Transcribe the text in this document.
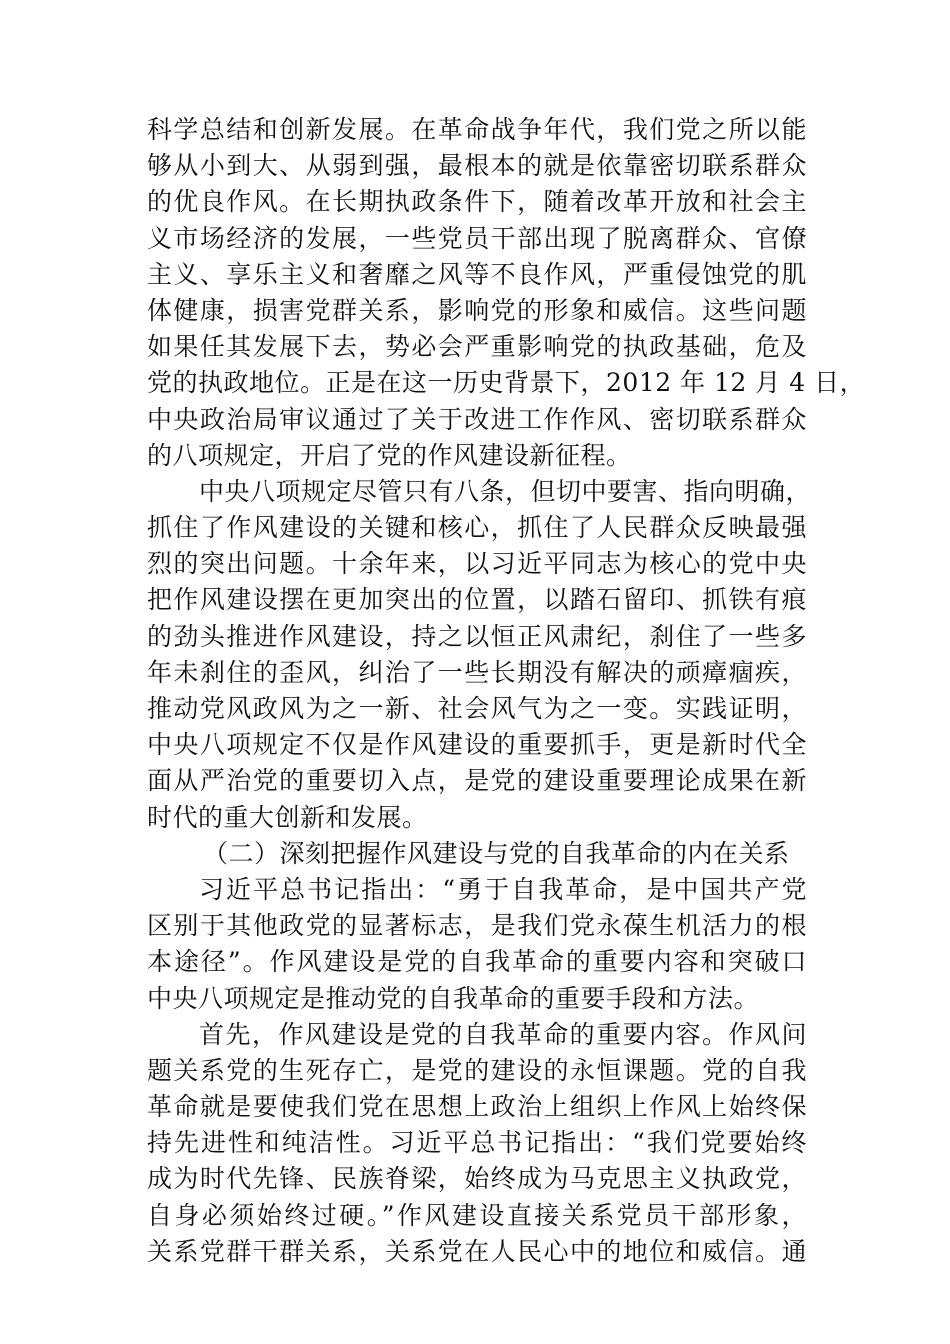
科学总结和创新发展。在革命战争年代，我们党之所以能
够从小到大、从弱到强，最根本的就是依靠密切联系群众
的优良作风。在长期执政条件下，随着改革开放和社会主
义市场经济的发展，一些党员干部出现了脱离群众、官僚
主义、享乐主义和奢靡之风等不良作风，严重侵蚀党的肌
体健康，损害党群关系，影响党的形象和威信。这些问题
如果任其发展下去，势必会严重影响党的执政基础，危及
党的执政地位。正是在这一历史背景下，2012 年 12 月 4 日，
中央政治局审议通过了关于改进工作作风、密切联系群众
的八项规定，开启了党的作风建设新征程。
中央八项规定尽管只有八条，但切中要害、指向明确，
抓住了作风建设的关键和核心，抓住了人民群众反映最强
烈的突出问题。十余年来，以习近平同志为核心的党中央
把作风建设摆在更加突出的位置，以踏石留印、抓铁有痕
的劲头推进作风建设，持之以恒正风肃纪，刹住了一些多
年未刹住的歪风，纠治了一些长期没有解决的顽瘴痼疾，
推动党风政风为之一新、社会风气为之一变。实践证明，
中央八项规定不仅是作风建设的重要抓手，更是新时代全
面从严治党的重要切入点，是党的建设重要理论成果在新
时代的重大创新和发展。
（二）深刻把握作风建设与党的自我革命的内在关系
习近平总书记指出：“勇于自我革命，是中国共产党
区别于其他政党的显著标志，是我们党永葆生机活力的根
本途径”。作风建设是党的自我革命的重要内容和突破口
中央八项规定是推动党的自我革命的重要手段和方法。
首先，作风建设是党的自我革命的重要内容。作风问
题关系党的生死存亡，是党的建设的永恒课题。党的自我
革命就是要使我们党在思想上政治上组织上作风上始终保
持先进性和纯洁性。习近平总书记指出：“我们党要始终
成为时代先锋、民族脊梁，始终成为马克思主义执政党，
自身必须始终过硬。”作风建设直接关系党员干部形象，
关系党群干群关系，关系党在人民心中的地位和威信。通
